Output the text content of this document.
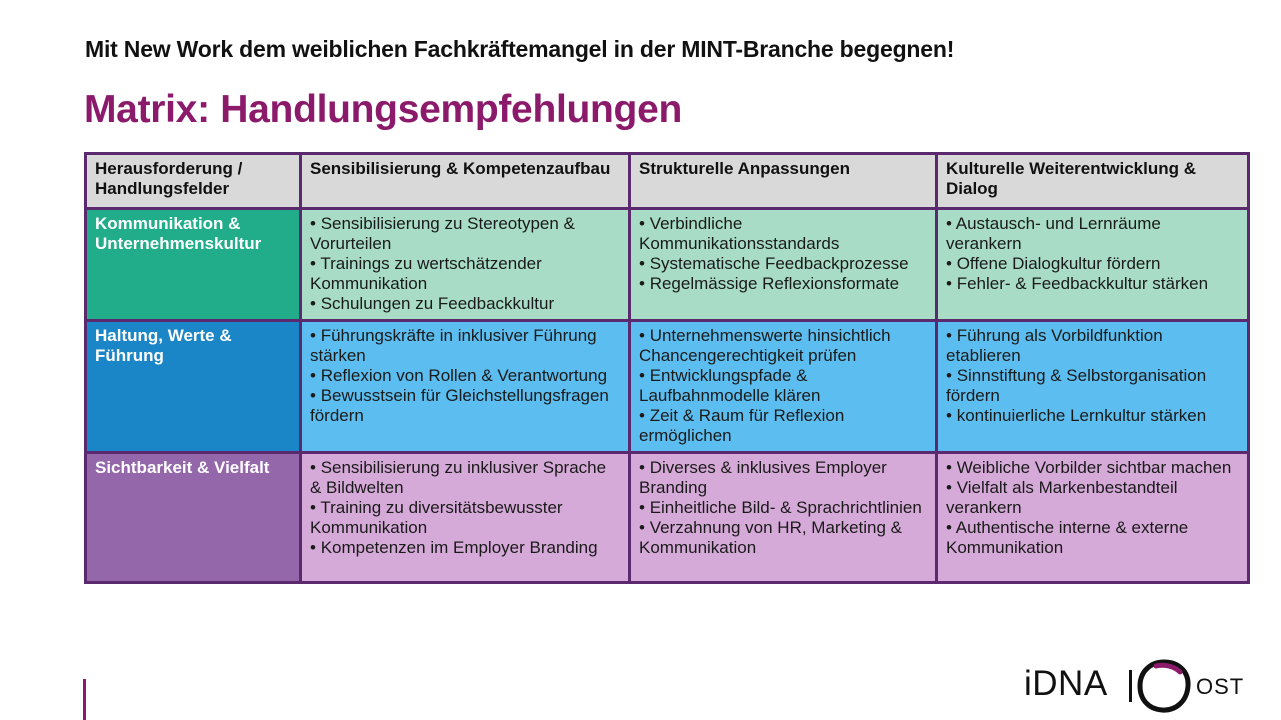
Mit New Work dem weiblichen Fachkräftemangel in der MINT-Branche begegnen!
Matrix: Handlungsempfehlungen
Herausforderung / Handlungsfelder	Sensibilisierung & Kompetenzaufbau	Strukturelle Anpassungen	Kulturelle Weiterentwicklung & Dialog
Kommunikation & Unternehmenskultur	• Sensibilisierung zu Stereotypen & Vorurteilen
• Trainings zu wertschätzender Kommunikation
• Schulungen zu Feedbackkultur	• Verbindliche Kommunikationsstandards
• Systematische Feedbackprozesse
• Regelmässige Reflexionsformate	• Austausch- und Lernräume verankern
• Offene Dialogkultur fördern
• Fehler- & Feedbackkultur stärken

Haltung, Werte & Führung	• Führungskräfte in inklusiver Führung stärken
• Reflexion von Rollen & Verantwortung
• Bewusstsein für Gleichstellungsfragen fördern	• Unternehmenswerte hinsichtlich Chancengerechtigkeit prüfen
• Entwicklungspfade & Laufbahnmodelle klären
• Zeit & Raum für Reflexion ermöglichen	• Führung als Vorbildfunktion etablieren
• Sinnstiftung & Selbstorganisation fördern
• kontinuierliche Lernkultur stärken

Sichtbarkeit & Vielfalt	• Sensibilisierung zu inklusiver Sprache & Bildwelten
• Training zu diversitätsbewusster Kommunikation
• Kompetenzen im Employer Branding	• Diverses & inklusives Employer Branding
• Einheitliche Bild- & Sprachrichtlinien
• Verzahnung von HR, Marketing & Kommunikation	• Weibliche Vorbilder sichtbar machen
• Vielfalt als Markenbestandteil verankern
• Authentische interne & externe Kommunikation
iDNA	OST
